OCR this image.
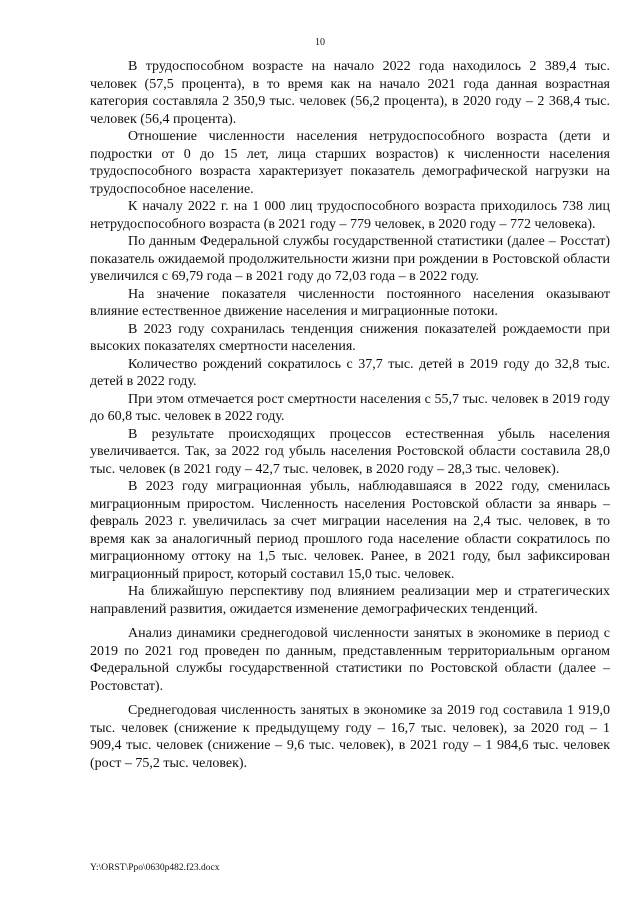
10

В трудоспособном возрасте на начало 2022 года находилось 2 389,4 тыс. человек (57,5 процента), в то время как на начало 2021 года данная возрастная категория составляла 2 350,9 тыс. человек (56,2 процента), в 2020 году – 2 368,4 тыс. человек (56,4 процента).

Отношение численности населения нетрудоспособного возраста (дети и подростки от 0 до 15 лет, лица старших возрастов) к численности населения трудоспособного возраста характеризует показатель демографической нагрузки на трудоспособное население.

К началу 2022 г. на 1 000 лиц трудоспособного возраста приходилось 738 лиц нетрудоспособного возраста (в 2021 году – 779 человек, в 2020 году – 772 человека).

По данным Федеральной службы государственной статистики (далее – Росстат) показатель ожидаемой продолжительности жизни при рождении в Ростовской области увеличился с 69,79 года – в 2021 году до 72,03 года – в 2022 году.

На значение показателя численности постоянного населения оказывают влияние естественное движение населения и миграционные потоки.

В 2023 году сохранилась тенденция снижения показателей рождаемости при высоких показателях смертности населения.

Количество рождений сократилось с 37,7 тыс. детей в 2019 году до 32,8 тыс. детей в 2022 году.

При этом отмечается рост смертности населения с 55,7 тыс. человек в 2019 году до 60,8 тыс. человек в 2022 году.

В результате происходящих процессов естественная убыль населения увеличивается. Так, за 2022 год убыль населения Ростовской области составила 28,0 тыс. человек (в 2021 году – 42,7 тыс. человек, в 2020 году – 28,3 тыс. человек).

В 2023 году миграционная убыль, наблюдавшаяся в 2022 году, сменилась миграционным приростом. Численность населения Ростовской области за январь – февраль 2023 г. увеличилась за счет миграции населения на 2,4 тыс. человек, в то время как за аналогичный период прошлого года население области сократилось по миграционному оттоку на 1,5 тыс. человек. Ранее, в 2021 году, был зафиксирован миграционный прирост, который составил 15,0 тыс. человек.

На ближайшую перспективу под влиянием реализации мер и стратегических направлений развития, ожидается изменение демографических тенденций.

Анализ динамики среднегодовой численности занятых в экономике в период с 2019 по 2021 год проведен по данным, представленным территориальным органом Федеральной службы государственной статистики по Ростовской области (далее – Ростовстат).

Среднегодовая численность занятых в экономике за 2019 год составила 1 919,0 тыс. человек (снижение к предыдущему году – 16,7 тыс. человек), за 2020 год – 1 909,4 тыс. человек (снижение – 9,6 тыс. человек), в 2021 году – 1 984,6 тыс. человек (рост – 75,2 тыс. человек).

Y:\ORST\Ppo\0630p482.f23.docx
